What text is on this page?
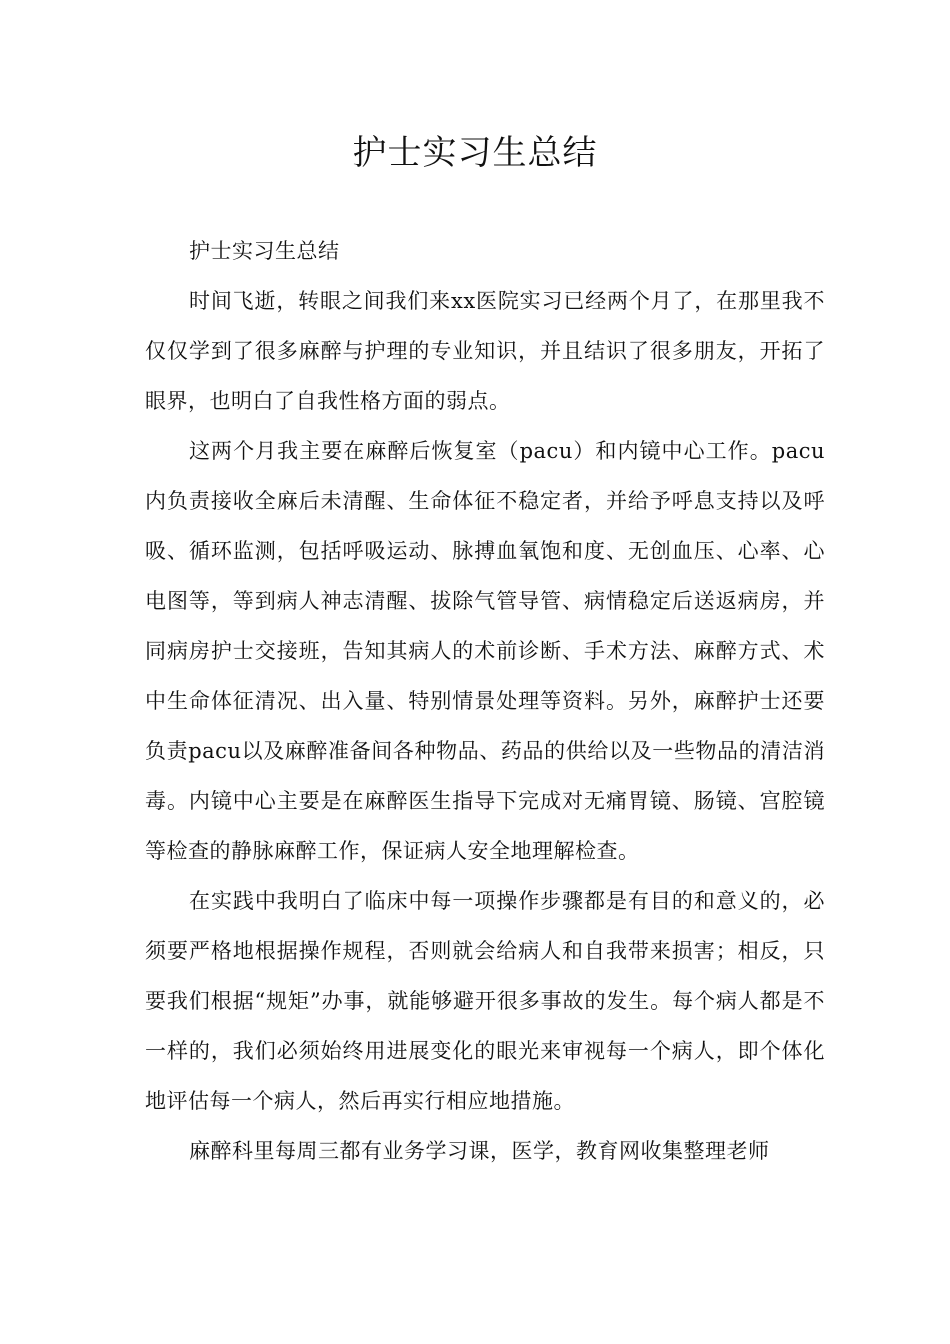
护士实习生总结

护士实习生总结

时间飞逝，转眼之间我们来xx医院实习已经两个月了，在那里我不仅仅学到了很多麻醉与护理的专业知识，并且结识了很多朋友，开拓了眼界，也明白了自我性格方面的弱点。

这两个月我主要在麻醉后恢复室（pacu）和内镜中心工作。pacu内负责接收全麻后未清醒、生命体征不稳定者，并给予呼息支持以及呼吸、循环监测，包括呼吸运动、脉搏血氧饱和度、无创血压、心率、心电图等，等到病人神志清醒、拔除气管导管、病情稳定后送返病房，并同病房护士交接班，告知其病人的术前诊断、手术方法、麻醉方式、术中生命体征清况、出入量、特别情景处理等资料。另外，麻醉护士还要负责pacu以及麻醉准备间各种物品、药品的供给以及一些物品的清洁消毒。内镜中心主要是在麻醉医生指导下完成对无痛胃镜、肠镜、宫腔镜等检查的静脉麻醉工作，保证病人安全地理解检查。

在实践中我明白了临床中每一项操作步骤都是有目的和意义的，必须要严格地根据操作规程，否则就会给病人和自我带来损害；相反，只要我们根据“规矩”办事，就能够避开很多事故的发生。每个病人都是不一样的，我们必须始终用进展变化的眼光来审视每一个病人，即个体化地评估每一个病人，然后再实行相应地措施。

麻醉科里每周三都有业务学习课，医学，教育网收集整理老师
